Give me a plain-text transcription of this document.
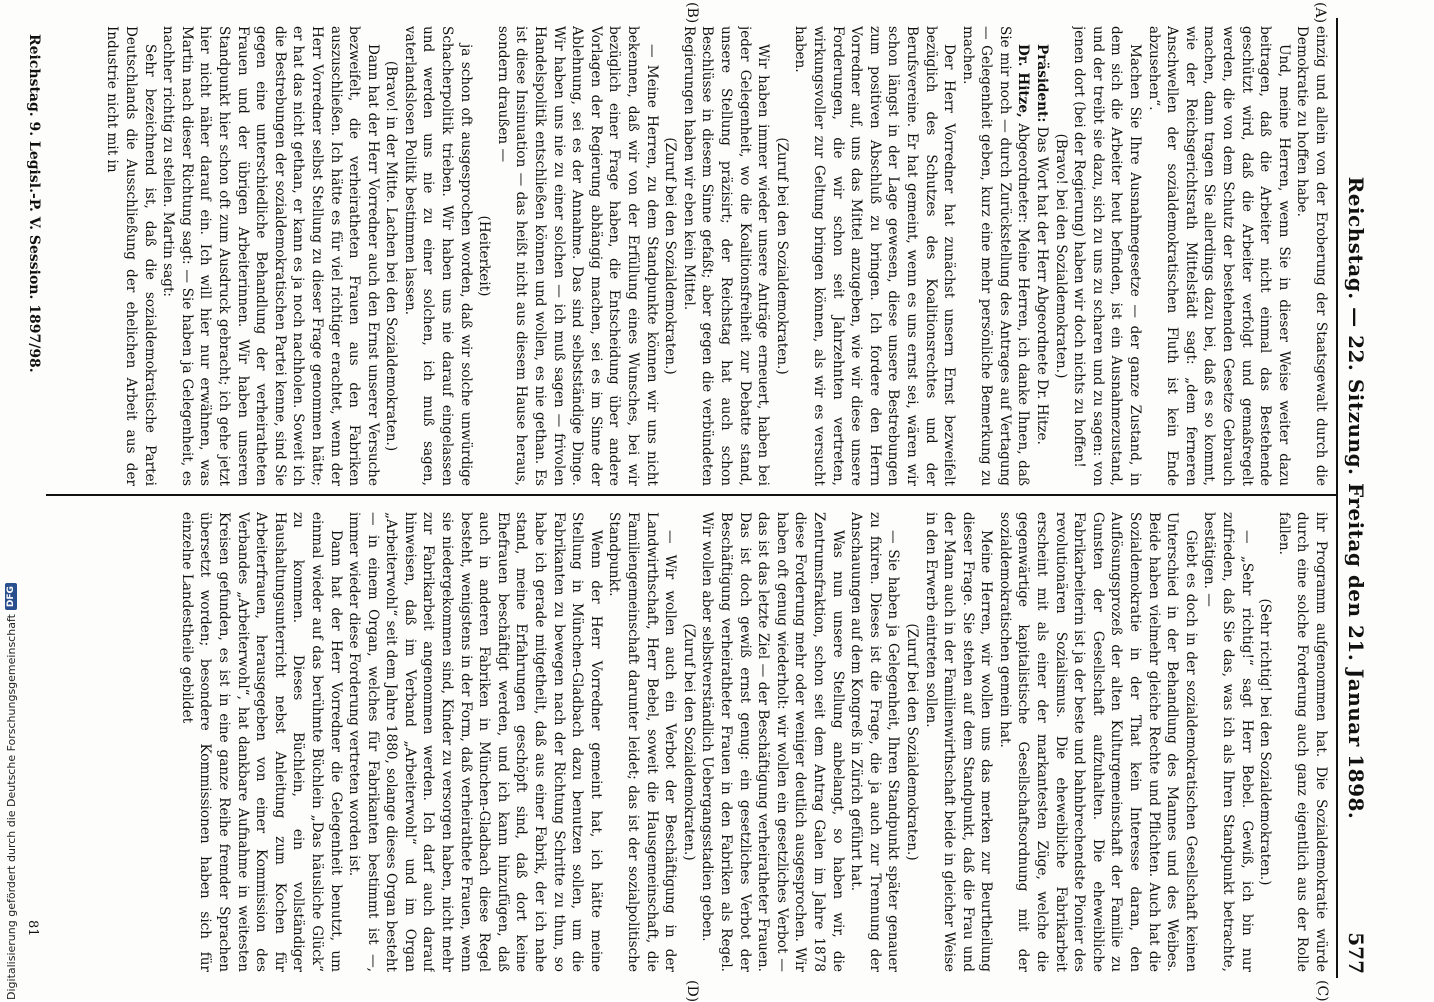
Reichstag. — 22. Sitzung. Freitag den 21. Januar 1898.
577
(A)
(B)
(C)
(D)

einzig und allein von der Eroberung der Staatsgewalt durch die Demokratie zu hoffen habe.

Und, meine Herren, wenn Sie in dieser Weise weiter dazu beitragen, daß die Arbeiter nicht einmal das Bestehende geschützt wird, daß die Arbeiter verfolgt und gemaßregelt werden, die von dem Schutz der bestehenden Gesetze Gebrauch machen, dann tragen Sie allerdings dazu bei, daß es so kommt, wie der Reichsgerichtsrath Mittelstädt sagt: „dem ferneren Anschwellen der sozialdemokratischen Fluth ist kein Ende abzusehen“.

Machen Sie Ihre Ausnahmegesetze — der ganze Zustand, in dem sich die Arbeiter heut befinden, ist ein Ausnahmezustand, und der treibt sie dazu, sich zu uns zu scharen und zu sagen: von jenen dort (bei der Regierung) haben wir doch nichts zu hoffen!

(Bravo! bei den Sozialdemokraten.)

Präsident: Das Wort hat der Herr Abgeordnete Dr. Hitze.

Dr. Hitze, Abgeordneter: Meine Herren, ich danke Ihnen, daß Sie mir noch — durch Zurückstellung des Antrages auf Vertagung — Gelegenheit geben, kurz eine mehr persönliche Bemerkung zu machen.

Der Herr Vorredner hat zunächst unsern Ernst bezweifelt bezüglich des Schutzes des Koalitionsrechtes und der Berufsvereine. Er hat gemeint, wenn es uns ernst sei, wären wir schon längst in der Lage gewesen, diese unsere Bestrebungen zum positiven Abschluß zu bringen. Ich fordere den Herrn Vorredner auf, uns das Mittel anzugeben, wie wir diese unsere Forderungen, die wir schon seit Jahrzehnten vertreten, wirkungsvoller zur Geltung bringen können, als wir es versucht haben.

(Zuruf bei den Sozialdemokraten.)

Wir haben immer wieder unsere Anträge erneuert, haben bei jeder Gelegenheit, wo die Koalitionsfreiheit zur Debatte stand, unsere Stellung präzisirt; der Reichstag hat auch schon Beschlüsse in diesem Sinne gefaßt; aber gegen die verbündeten Regierungen haben wir eben kein Mittel.

(Zuruf bei den Sozialdemokraten.)

— Meine Herren, zu dem Standpunkte können wir uns nicht bekennen, daß wir von der Erfüllung eines Wunsches, bei wir bezüglich einer Frage haben, die Entscheidung über andere Vorlagen der Regierung abhängig machen, sei es im Sinne der Ablehnung, sei es der Annahme. Das sind selbstständige Dinge. Wir haben uns nie zu einer solchen — ich muß sagen — frivolen Handelspolitik entschließen können und wollen, es nie gethan. Es ist diese Insinuation — das heißt nicht aus diesem Hause heraus, sondern draußen —

(Heiterkeit)

ja schon oft ausgesprochen worden, daß wir solche unwürdige Schacherpolitik trieben. Wir haben uns nie darauf eingelassen und werden uns nie zu einer solchen, ich muß sagen, vaterlandslosen Politik bestimmen lassen.

(Bravo! in der Mitte. Lachen bei den Sozialdemokraten.)

Dann hat der Herr Vorredner auch den Ernst unserer Versuche bezweifelt, die verheiratheten Frauen aus den Fabriken auszuschließen. Ich hätte es für viel richtiger erachtet, wenn der Herr Vorredner selbst Stellung zu dieser Frage genommen hätte; er hat das nicht gethan, er kann es ja noch nachholen. Soweit ich die Bestrebungen der sozialdemokratischen Partei kenne, sind Sie gegen eine unterschiedliche Behandlung der verheiratheten Frauen und der übrigen Arbeiterinnen. Wir haben unseren Standpunkt hier schon oft zum Ausdruck gebracht; ich gehe jetzt hier nicht näher darauf ein. Ich will hier nur erwähnen, was Martin nach dieser Richtung sagt: — Sie haben ja Gelegenheit, es nachher richtig zu stellen. Martin sagt:

Sehr bezeichnend ist, daß die sozialdemokratische Partei Deutschlands die Ausschließung der ehelichen Arbeit aus der Industrie nicht mit in

ihr Programm aufgenommen hat. Die Sozialdemokratie würde durch eine solche Forderung auch ganz eigentlich aus der Rolle fallen.

(Sehr richtig! bei den Sozialdemokraten.)

— „Sehr richtig!“ sagt Herr Bebel. Gewiß, ich bin nur zufrieden, daß Sie das, was ich als Ihren Standpunkt betrachte, bestätigen. —

Giebt es doch in der sozialdemokratischen Gesellschaft keinen Unterschied in der Behandlung des Mannes und des Weibes. Beide haben vielmehr gleiche Rechte und Pflichten. Auch hat die Sozialdemokratie in der That kein Interesse daran, den Auflösungsprozeß der alten Kulturgemeinschaft der Familie zu Gunsten der Gesellschaft aufzuhalten. Die eheweibliche Fabrikarbeiterin ist ja der beste und bahnbrechendste Pionier des revolutionären Sozialismus. Die eheweibliche Fabrikarbeit erscheint mit als einer der markantesten Züge, welche die gegenwärtige kapitalistische Gesellschaftsordnung mit der sozialdemokratischen gemein hat.

Meine Herren, wir wollen uns das merken zur Beurtheilung dieser Frage. Sie stehen auf dem Standpunkt, daß die Frau und der Mann auch in der Familienwirthschaft beide in gleicher Weise in den Erwerb eintreten sollen.

(Zuruf bei den Sozialdemokraten.)

— Sie haben ja Gelegenheit, Ihren Standpunkt später genauer zu fixiren. Dieses ist die Frage, die ja auch zur Trennung der Anschauungen auf dem Kongreß in Zürich geführt hat.

Was nun unsere Stellung anbelangt, so haben wir, die Zentrumsfraktion, schon seit dem Antrag Galen im Jahre 1878 diese Forderung mehr oder weniger deutlich ausgesprochen. Wir haben oft genug wiederholt: wir wollen ein gesetzliches Verbot — das ist das letzte Ziel — der Beschäftigung verheiratheter Frauen. Das ist doch gewiß ernst genug: ein gesetzliches Verbot der Beschäftigung verheiratheter Frauen in den Fabriken als Regel. Wir wollen aber selbstverständlich Uebergangsstadien geben.

(Zuruf bei den Sozialdemokraten.)

— Wir wollen auch ein Verbot der Beschäftigung in der Landwirthschaft, Herr Bebel, soweit die Hausgemeinschaft, die Familiengemeinschaft darunter leidet; das ist der sozialpolitische Standpunkt.

Wenn der Herr Vorredner gemeint hat, ich hätte meine Stellung in München-Gladbach dazu benutzen sollen, um die Fabrikanten zu bewegen nach der Richtung Schritte zu thun, so habe ich gerade mitgetheilt, daß aus einer Fabrik, der ich nahe stand, meine Erfahrungen geschöpft sind, daß dort keine Ehefrauen beschäftigt werden, und ich kann hinzufügen, daß auch in anderen Fabriken in München-Gladbach diese Regel besteht, wenigstens in der Form, daß verheirathete Frauen, wenn sie niedergekommen sind, Kinder zu versorgen haben, nicht mehr zur Fabrikarbeit angenommen werden. Ich darf auch darauf hinweisen, daß im Verband „Arbeiterwohl“ und im Organ „Arbeiterwohl“ seit dem Jahre 1880, solange dieses Organ besteht — in einem Organ, welches für Fabrikanten bestimmt ist —, immer wieder diese Forderung vertreten worden ist.

Dann hat der Herr Vorredner die Gelegenheit benutzt, um einmal wieder auf das berühmte Büchlein „Das häusliche Glück“ zu kommen. Dieses Büchlein, ein vollständiger Haushaltungsunterricht nebst Anleitung zum Kochen für Arbeiterfrauen, herausgegeben von einer Kommission des Verbandes „Arbeiterwohl“, hat dankbare Aufnahme in weitesten Kreisen gefunden, es ist in eine ganze Reihe fremder Sprachen übersetzt worden; besondere Kommissionen haben sich für einzelne Landestheile gebildet

Reichstag. 9. Legisl.-P. V. Session. 1897/98.
81
Digitalisierung gefördert durch die Deutsche Forschungsgemeinschaft
DFG
